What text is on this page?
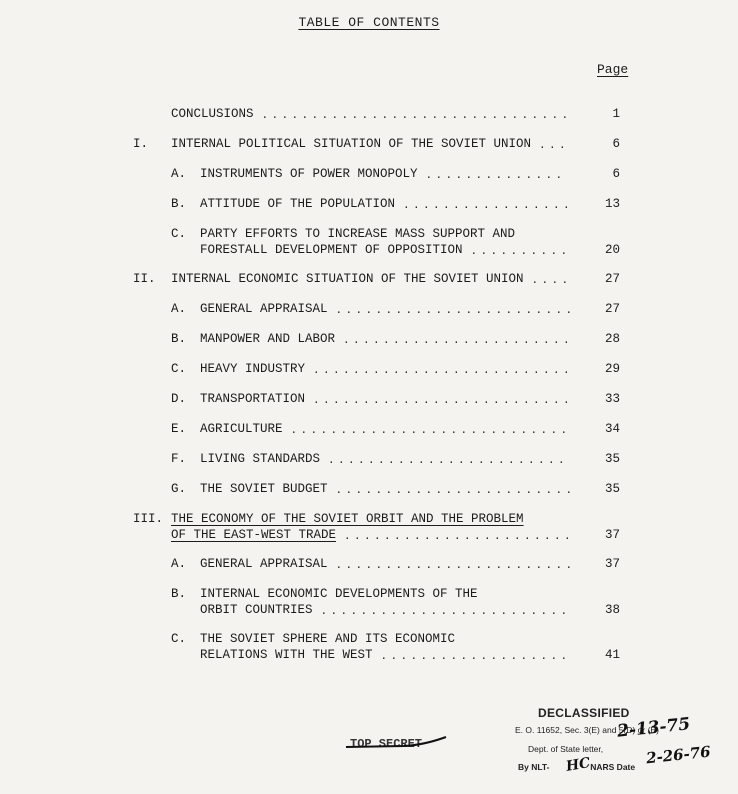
TABLE OF CONTENTS
Page
CONCLUSIONS ...............................	1
I. INTERNAL POLITICAL SITUATION OF THE SOVIET UNION ...	6
A. INSTRUMENTS OF POWER MONOPOLY ..............	6
B. ATTITUDE OF THE POPULATION .................	13
C. PARTY EFFORTS TO INCREASE MASS SUPPORT AND
FORESTALL DEVELOPMENT OF OPPOSITION ..........	20
II. INTERNAL ECONOMIC SITUATION OF THE SOVIET UNION ....	27
A. GENERAL APPRAISAL ........................	27
B. MANPOWER AND LABOR .......................	28
C. HEAVY INDUSTRY ..........................	29
D. TRANSPORTATION ..........................	33
E. AGRICULTURE ............................	34
F. LIVING STANDARDS ........................	35
G. THE SOVIET BUDGET ........................	35
III. THE ECONOMY OF THE SOVIET ORBIT AND THE PROBLEM
OF THE EAST-WEST TRADE .......................	37
A. GENERAL APPRAISAL ........................	37
B. INTERNAL ECONOMIC DEVELOPMENTS OF THE
ORBIT COUNTRIES .........................	38
C. THE SOVIET SPHERE AND ITS ECONOMIC
RELATIONS WITH THE WEST ...................	41
TOP SECRET
DECLASSIFIED
E. O. 11652, Sec. 3(E) and 5(D) or (E)
Dept. of State letter,
By NLT-	NARS Date
2-13-75
HC	2-26-76
